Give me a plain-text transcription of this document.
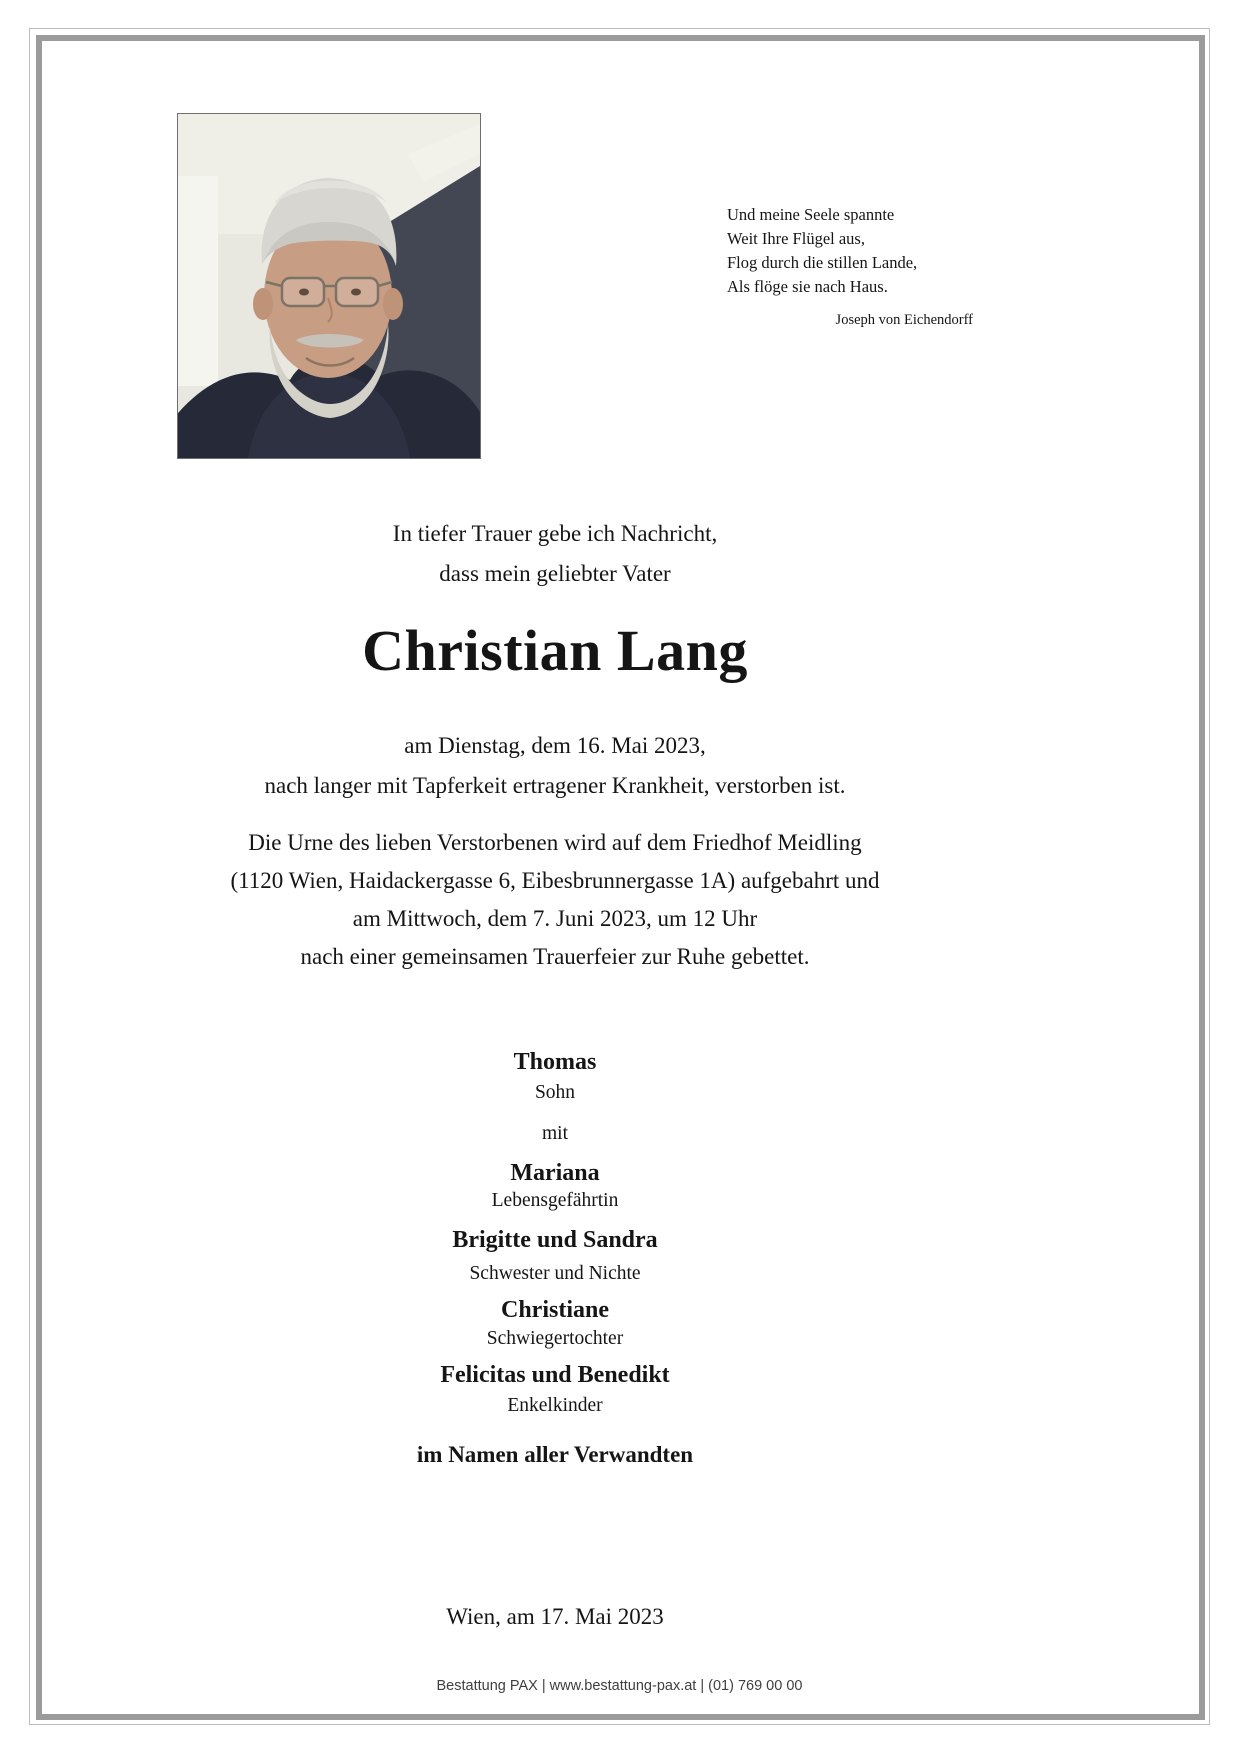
Und meine Seele spannte
Weit Ihre Flügel aus,
Flog durch die stillen Lande,
Als flöge sie nach Haus.
Joseph von Eichendorff
In tiefer Trauer gebe ich Nachricht,
dass mein geliebter Vater
Christian Lang
am Dienstag, dem 16. Mai 2023,
nach langer mit Tapferkeit ertragener Krankheit, verstorben ist.
Die Urne des lieben Verstorbenen wird auf dem Friedhof Meidling
(1120 Wien, Haidackergasse 6, Eibesbrunnergasse 1A) aufgebahrt und
am Mittwoch, dem 7. Juni 2023, um 12 Uhr
nach einer gemeinsamen Trauerfeier zur Ruhe gebettet.
Thomas
Sohn
mit
Mariana
Lebensgefährtin
Brigitte und Sandra
Schwester und Nichte
Christiane
Schwiegertochter
Felicitas und Benedikt
Enkelkinder
im Namen aller Verwandten
Wien, am 17. Mai 2023
Bestattung PAX | www.bestattung-pax.at | (01) 769 00 00
